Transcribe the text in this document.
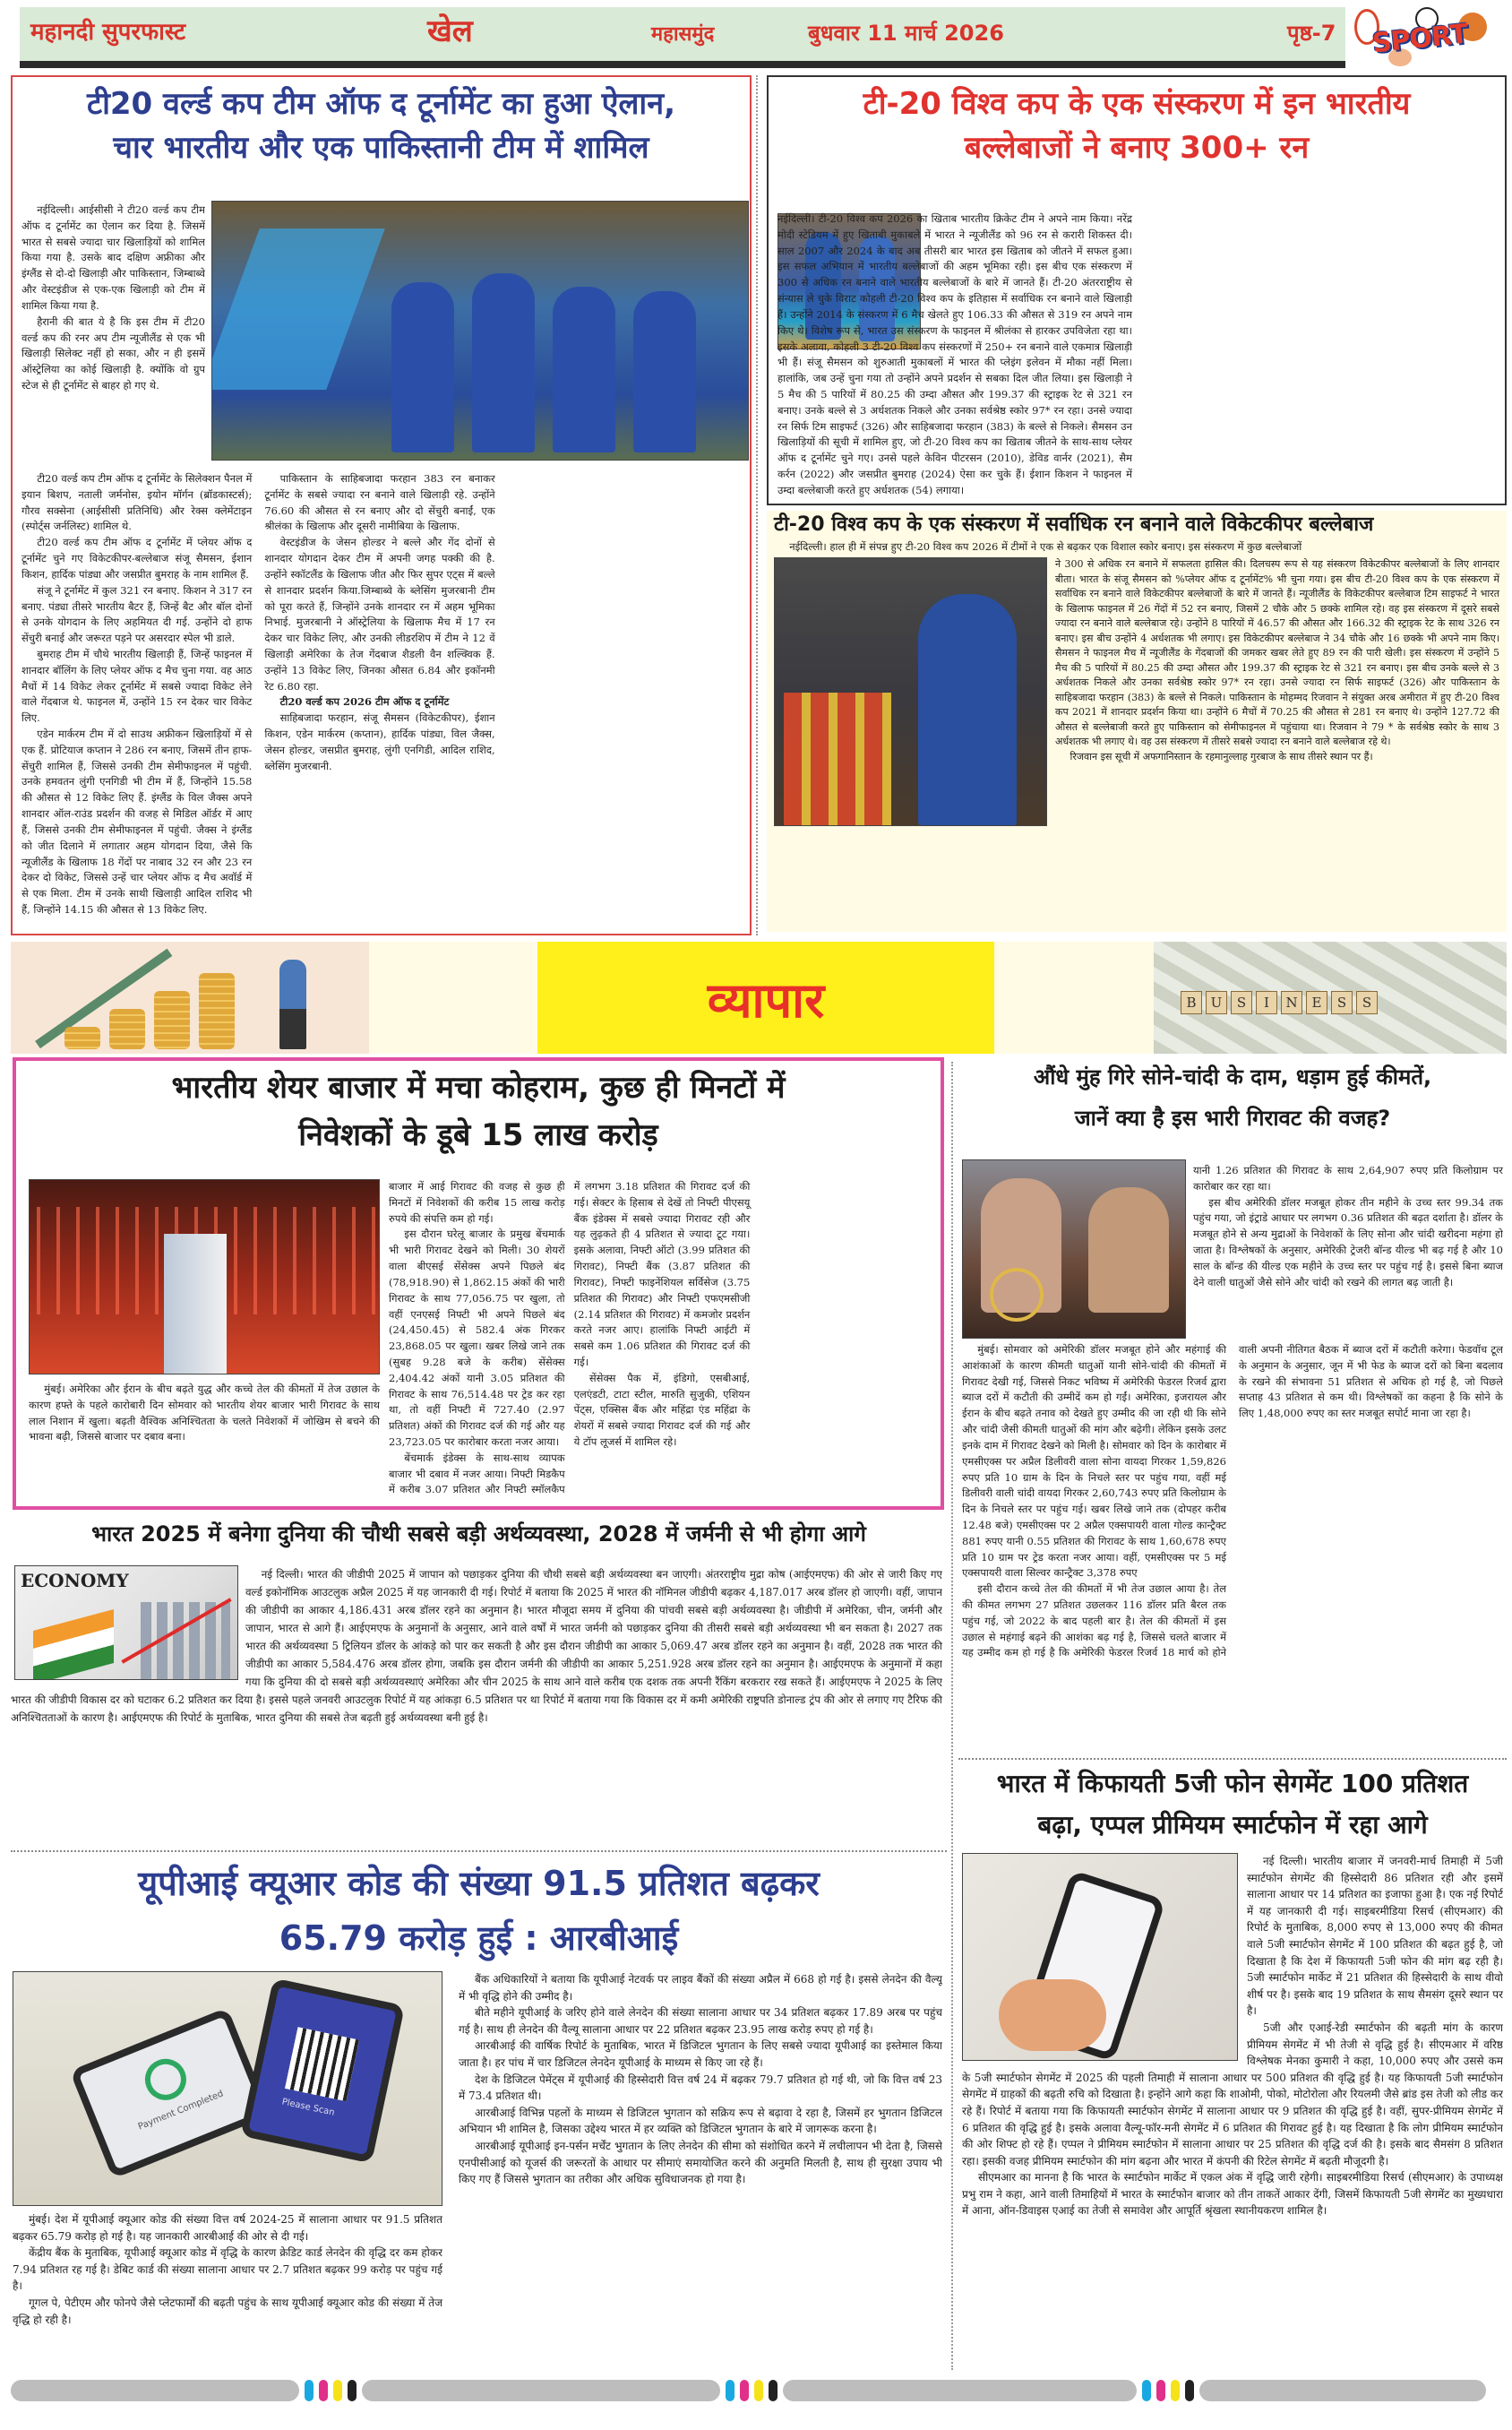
महानदी सुपरफास्ट	खेल	महासमुंद	बुधवार 11 मार्च 2026	पृष्ठ-7 SPORT
टी20 वर्ल्ड कप टीम ऑफ द टूर्नामेंट का हुआ ऐलान,
चार भारतीय और एक पाकिस्तानी टीम में शामिल

नईदिल्ली। आईसीसी ने टी20 वर्ल्ड कप टीम ऑफ द टूर्नामेंट का ऐलान कर दिया है. जिसमें भारत से सबसे ज्यादा चार खिलाड़ियों को शामिल किया गया है. उसके बाद दक्षिण अफ्रीका और इंग्लैंड से दो-दो खिलाड़ी और पाकिस्तान, जिम्बाब्वे और वेस्टइंडीज से एक-एक खिलाड़ी को टीम में शामिल किया गया है.

हैरानी की बात ये है कि इस टीम में टी20 वर्ल्ड कप की रनर अप टीम न्यूजीलैंड से एक भी खिलाड़ी सिलेक्ट नहीं हो सका, और न ही इसमें ऑस्ट्रेलिया का कोई खिलाड़ी है. क्योंकि वो ग्रुप स्टेज से ही टूर्नामेंट से बाहर हो गए थे.

टी20 वर्ल्ड कप टीम ऑफ द टूर्नामेंट के सिलेक्शन पैनल में इयान बिशप, नताली जर्मनोस, इयोन मॉर्गन (ब्रॉडकास्टर्स); गौरव सक्सेना (आईसीसी प्रतिनिधि) और रेक्स क्लेमेंटाइन (स्पोर्ट्स जर्नलिस्ट) शामिल थे.

टी20 वर्ल्ड कप टीम ऑफ द टूर्नामेंट में प्लेयर ऑफ द टूर्नामेंट चुने गए विकेटकीपर-बल्लेबाज संजू सैमसन, ईशान किशन, हार्दिक पांड्या और जसप्रीत बुमराह के नाम शामिल हैं.

संजू ने टूर्नामेंट में कुल 321 रन बनाए. किशन ने 317 रन बनाए. पंड्या तीसरे भारतीय बैटर हैं, जिन्हें बैट और बॉल दोनों से उनके योगदान के लिए अहमियत दी गई. उन्होंने दो हाफ सेंचुरी बनाई और जरूरत पड़ने पर असरदार स्पेल भी डाले.

बुमराह टीम में चौथे भारतीय खिलाड़ी हैं, जिन्हें फाइनल में शानदार बॉलिंग के लिए प्लेयर ऑफ द मैच चुना गया. वह आठ मैचों में 14 विकेट लेकर टूर्नामेंट में सबसे ज्यादा विकेट लेने वाले गेंदबाज थे. फाइनल में, उन्होंने 15 रन देकर चार विकेट लिए.

एडेन मार्करम टीम में दो साउथ अफ्रीकन खिलाड़ियों में से एक हैं. प्रोटियाज कप्तान ने 286 रन बनाए, जिसमें तीन हाफ-सेंचुरी शामिल हैं, जिससे उनकी टीम सेमीफाइनल में पहुंची. उनके हमवतन लुंगी एनगिडी भी टीम में हैं, जिन्होंने 15.58 की औसत से 12 विकेट लिए हैं. इंग्लैंड के विल जैक्स अपने शानदार ऑल-राउंड प्रदर्शन की वजह से मिडिल ऑर्डर में आए हैं, जिससे उनकी टीम सेमीफाइनल में पहुंची. जैक्स ने इंग्लैंड को जीत दिलाने में लगातार अहम योगदान दिया, जैसे कि न्यूजीलैंड के खिलाफ 18 गेंदों पर नाबाद 32 रन और 23 रन देकर दो विकेट, जिससे उन्हें चार प्लेयर ऑफ द मैच अवॉर्ड में से एक मिला. टीम में उनके साथी खिलाड़ी आदिल राशिद भी हैं, जिन्होंने 14.15 की औसत से 13 विकेट लिए.

पाकिस्तान के साहिबजादा फरहान 383 रन बनाकर टूर्नामेंट के सबसे ज्यादा रन बनाने वाले खिलाड़ी रहे. उन्होंने 76.60 की औसत से रन बनाए और दो सेंचुरी बनाईं, एक श्रीलंका के खिलाफ और दूसरी नामीबिया के खिलाफ.

वेस्टइंडीज के जेसन होल्डर ने बल्ले और गेंद दोनों से शानदार योगदान देकर टीम में अपनी जगह पक्की की है. उन्होंने स्कॉटलैंड के खिलाफ जीत और फिर सुपर एट्स में बल्ले से शानदार प्रदर्शन किया.जिम्बाब्वे के ब्लेसिंग मुजरबानी टीम को पूरा करते हैं, जिन्होंने उनके शानदार रन में अहम भूमिका निभाई. मुजरबानी ने ऑस्ट्रेलिया के खिलाफ मैच में 17 रन देकर चार विकेट लिए, और उनकी लीडरशिप में टीम ने 12 वें खिलाड़ी अमेरिका के तेज गेंदबाज शैडली वैन शल्क्विक हैं. उन्होंने 13 विकेट लिए, जिनका औसत 6.84 और इकॉनमी रेट 6.80 रहा.

टी20 वर्ल्ड कप 2026 टीम ऑफ द टूर्नामेंट

साहिबजादा फरहान, संजू सैमसन (विकेटकीपर), ईशान किशन, एडेन मार्करम (कप्तान), हार्दिक पांड्या, विल जैक्स, जेसन होल्डर, जसप्रीत बुमराह, लुंगी एनगिडी, आदिल राशिद, ब्लेसिंग मुजरबानी.

टी-20 विश्व कप के एक संस्करण में इन भारतीय
बल्लेबाजों ने बनाए 300+ रन

नईदिल्ली। टी-20 विश्व कप 2026 का खिताब भारतीय क्रिकेट टीम ने अपने नाम किया। नरेंद्र मोदी स्टेडियम में हुए खिताबी मुकाबले में भारत ने न्यूजीलैंड को 96 रन से करारी शिकस्त दी। साल 2007 और 2024 के बाद अब तीसरी बार भारत इस खिताब को जीतने में सफल हुआ। इस सफल अभियान में भारतीय बल्लेबाजों की अहम भूमिका रही। इस बीच एक संस्करण में 300 से अधिक रन बनाने वाले भारतीय बल्लेबाजों के बारे में जानते हैं। टी-20 अंतरराष्ट्रीय से संन्यास ले चुके विराट कोहली टी-20 विश्व कप के इतिहास में सर्वाधिक रन बनाने वाले खिलाड़ी हैं। उन्होंने 2014 के संस्करण में 6 मैच खेलते हुए 106.33 की औसत से 319 रन अपने नाम किए थे। विशेष रूप से, भारत उस संस्करण के फाइनल में श्रीलंका से हारकर उपविजेता रहा था। इसके अलावा, कोहली 3 टी-20 विश्व कप संस्करणों में 250+ रन बनाने वाले एकमात्र खिलाड़ी भी हैं। संजू सैमसन को शुरुआती मुकाबलों में भारत की प्लेइंग इलेवन में मौका नहीं मिला। हालांकि, जब उन्हें चुना गया तो उन्होंने अपने प्रदर्शन से सबका दिल जीत लिया। इस खिलाड़ी ने 5 मैच की 5 पारियों में 80.25 की उम्दा औसत और 199.37 की स्ट्राइक रेट से 321 रन बनाए। उनके बल्ले से 3 अर्धशतक निकले और उनका सर्वश्रेष्ठ स्कोर 97* रन रहा। उनसे ज्यादा रन सिर्फ टिम साइफर्ट (326) और साहिबजादा फरहान (383) के बल्ले से निकले। सैमसन उन खिलाड़ियों की सूची में शामिल हुए, जो टी-20 विश्व कप का खिताब जीतने के साथ-साथ प्लेयर ऑफ द टूर्नामेंट चुने गए। उनसे पहले केविन पीटरसन (2010), डेविड वार्नर (2021), सैम कर्रन (2022) और जसप्रीत बुमराह (2024) ऐसा कर चुके हैं। ईशान किशन ने फाइनल में उम्दा बल्लेबाजी करते हुए अर्धशतक (54) लगाया।

टी-20 विश्व कप के एक संस्करण में सर्वाधिक रन बनाने वाले विकेटकीपर बल्लेबाज
नईदिल्ली। हाल ही में संपन्न हुए टी-20 विश्व कप 2026 में टीमों ने एक से बढ़कर एक विशाल स्कोर बनाए। इस संस्करण में कुछ बल्लेबाजों

ने 300 से अधिक रन बनाने में सफलता हासिल की। दिलचस्प रूप से यह संस्करण विकेटकीपर बल्लेबाजों के लिए शानदार बीता। भारत के संजू सैमसन को %प्लेयर ऑफ द टूर्नामेंट% भी चुना गया। इस बीच टी-20 विश्व कप के एक संस्करण में सर्वाधिक रन बनाने वाले विकेटकीपर बल्लेबाजों के बारे में जानते हैं। न्यूजीलैंड के विकेटकीपर बल्लेबाज टिम साइफर्ट ने भारत के खिलाफ फाइनल में 26 गेंदों में 52 रन बनाए, जिसमें 2 चौके और 5 छक्के शामिल रहे। वह इस संस्करण में दूसरे सबसे ज्यादा रन बनाने वाले बल्लेबाज रहे। उन्होंने 8 पारियों में 46.57 की औसत और 166.32 की स्ट्राइक रेट के साथ 326 रन बनाए। इस बीच उन्होंने 4 अर्धशतक भी लगाए। इस विकेटकीपर बल्लेबाज ने 34 चौके और 16 छक्के भी अपने नाम किए। सैमसन ने फाइनल मैच में न्यूजीलैंड के गेंदबाजों की जमकर खबर लेते हुए 89 रन की पारी खेली। इस संस्करण में उन्होंने 5 मैच की 5 पारियों में 80.25 की उम्दा औसत और 199.37 की स्ट्राइक रेट से 321 रन बनाए। इस बीच उनके बल्ले से 3 अर्धशतक निकले और उनका सर्वश्रेष्ठ स्कोर 97* रन रहा। उनसे ज्यादा रन सिर्फ साइफर्ट (326) और पाकिस्तान के साहिबजादा फरहान (383) के बल्ले से निकले। पाकिस्तान के मोहम्मद रिजवान ने संयुक्त अरब अमीरात में हुए टी-20 विश्व कप 2021 में शानदार प्रदर्शन किया था। उन्होंने 6 मैचों में 70.25 की औसत से 281 रन बनाए थे। उन्होंने 127.72 की औसत से बल्लेबाजी करते हुए पाकिस्तान को सेमीफाइनल में पहुंचाया था। रिजवान ने 79 * के सर्वश्रेष्ठ स्कोर के साथ 3 अर्धशतक भी लगाए थे। वह उस संस्करण में तीसरे सबसे ज्यादा रन बनाने वाले बल्लेबाज रहे थे।

रिजवान इस सूची में अफगानिस्तान के रहमानुल्लाह गुरबाज के साथ तीसरे स्थान पर हैं।

व्यापार	B	U	S	I	N	E	S	S
भारतीय शेयर बाजार में मचा कोहराम, कुछ ही मिनटों में
निवेशकों के डूबे 15 लाख करोड़
मुंबई। अमेरिका और ईरान के बीच बढ़ते युद्ध और कच्चे तेल की कीमतों में तेज उछाल के कारण हफ्ते के पहले कारोबारी दिन सोमवार को भारतीय शेयर बाजार भारी गिरावट के साथ लाल निशान में खुला। बढ़ती वैश्विक अनिश्चितता के चलते निवेशकों में जोखिम से बचने की भावना बढ़ी, जिससे बाजार पर दबाव बना।

बाजार में आई गिरावट की वजह से कुछ ही मिनटों में निवेशकों की करीब 15 लाख करोड़ रुपये की संपत्ति कम हो गई।

इस दौरान घरेलू बाजार के प्रमुख बेंचमार्क भी भारी गिरावट देखने को मिली। 30 शेयरों वाला बीएसई सेंसेक्स अपने पिछले बंद (78,918.90) से 1,862.15 अंकों की भारी गिरावट के साथ 77,056.75 पर खुला, तो वहीं एनएसई निफ्टी भी अपने पिछले बंद (24,450.45) से 582.4 अंक गिरकर 23,868.05 पर खुला। खबर लिखे जाने तक (सुबह 9.28 बजे के करीब) सेंसेक्स 2,404.42 अंकों यानी 3.05 प्रतिशत की गिरावट के साथ 76,514.48 पर ट्रेड कर रहा था, तो वहीं निफ्टी में 727.40 (2.97 प्रतिशत) अंकों की गिरावट दर्ज की गई और यह 23,723.05 पर कारोबार करता नजर आया।

बेंचमार्क इंडेक्स के साथ-साथ व्यापक बाजार भी दबाव में नजर आया। निफ्टी मिडकैप में करीब 3.07 प्रतिशत और निफ्टी स्मॉलकैप में लगभग 3.18 प्रतिशत की गिरावट दर्ज की गई। सेक्टर के हिसाब से देखें तो निफ्टी पीएसयू बैंक इंडेक्स में सबसे ज्यादा गिरावट रही और यह लुढ़कते ही 4 प्रतिशत से ज्यादा टूट गया। इसके अलावा, निफ्टी ऑटो (3.99 प्रतिशत की गिरावट), निफ्टी बैंक (3.87 प्रतिशत की गिरावट), निफ्टी फाइनेंशियल सर्विसेज (3.75 प्रतिशत की गिरावट) और निफ्टी एफएमसीजी (2.14 प्रतिशत की गिरावट) में कमजोर प्रदर्शन करते नजर आए। हालांकि निफ्टी आईटी में सबसे कम 1.06 प्रतिशत की गिरावट दर्ज की गई।

सेंसेक्स पैक में, इंडिगो, एसबीआई, एलएंडटी, टाटा स्टील, मारुति सुजुकी, एशियन पेंट्स, एक्सिस बैंक और महिंद्रा एंड महिंद्रा के शेयरों में सबसे ज्यादा गिरावट दर्ज की गई और ये टॉप लूजर्स में शामिल रहे।

भारत 2025 में बनेगा दुनिया की चौथी सबसे बड़ी अर्थव्यवस्था, 2028 में जर्मनी से भी होगा आगे
ECONOMY	नई दिल्ली। भारत की जीडीपी 2025 में जापान को पछाड़कर दुनिया की चौथी सबसे बड़ी अर्थव्यवस्था बन जाएगी। अंतरराष्ट्रीय मुद्रा कोष (आईएमएफ) की ओर से जारी किए गए वर्ल्ड इकोनॉमिक आउटलुक अप्रैल 2025 में यह जानकारी दी गई। रिपोर्ट में बताया कि 2025 में भारत की नॉमिनल जीडीपी बढ़कर 4,187.017 अरब डॉलर हो जाएगी। वहीं, जापान की जीडीपी का आकार 4,186.431 अरब डॉलर रहने का अनुमान है। भारत मौजूदा समय में दुनिया की पांचवी सबसे बड़ी अर्थव्यवस्था है। जीडीपी में अमेरिका, चीन, जर्मनी और जापान, भारत से आगे हैं। आईएमएफ के अनुमानों के अनुसार, आने वाले वर्षों में भारत जर्मनी को पछाड़कर दुनिया की तीसरी सबसे बड़ी अर्थव्यवस्था भी बन सकता है। 2027 तक भारत की अर्थव्यवस्था 5 ट्रिलियन डॉलर के आंकड़े को पार कर सकती है और इस दौरान जीडीपी का आकार 5,069.47 अरब डॉलर रहने का अनुमान है। वहीं, 2028 तक भारत की जीडीपी का आकार 5,584.476 अरब डॉलर होगा, जबकि इस दौरान जर्मनी की जीडीपी का आकार 5,251.928 अरब डॉलर रहने का अनुमान है। आईएमएफ के अनुमानों में कहा गया कि दुनिया की दो सबसे बड़ी अर्थव्यवस्थाएं अमेरिका और चीन 2025 के साथ आने वाले करीब एक दशक तक अपनी रैंकिंग बरकरार रख सकते हैं। आईएमएफ ने 2025 के लिए भारत की जीडीपी विकास दर को घटाकर 6.2 प्रतिशत कर दिया है। इससे पहले जनवरी आउटलुक रिपोर्ट में यह आंकड़ा 6.5 प्रतिशत पर था रिपोर्ट में बताया गया कि विकास दर में कमी अमेरिकी राष्ट्रपति डोनाल्ड ट्रंप की ओर से लगाए गए टैरिफ की अनिश्चितताओं के कारण है। आईएमएफ की रिपोर्ट के मुताबिक, भारत दुनिया की सबसे तेज बढ़ती हुई अर्थव्यवस्था बनी हुई है।

यूपीआई क्यूआर कोड की संख्या 91.5 प्रतिशत बढ़कर
65.79 करोड़ हुई : आरबीआई
Payment Completed	Please Scan

मुंबई। देश में यूपीआई क्यूआर कोड की संख्या वित्त वर्ष 2024-25 में सालाना आधार पर 91.5 प्रतिशत बढ़कर 65.79 करोड़ हो गई है। यह जानकारी आरबीआई की ओर से दी गई।

केंद्रीय बैंक के मुताबिक, यूपीआई क्यूआर कोड में वृद्धि के कारण क्रेडिट कार्ड लेनदेन की वृद्धि दर कम होकर 7.94 प्रतिशत रह गई है। डेबिट कार्ड की संख्या सालाना आधार पर 2.7 प्रतिशत बढ़कर 99 करोड़ पर पहुंच गई है।

गूगल पे, पेटीएम और फोनपे जैसे प्लेटफार्मों की बढ़ती पहुंच के साथ यूपीआई क्यूआर कोड की संख्या में तेज वृद्धि हो रही है।

बैंक अधिकारियों ने बताया कि यूपीआई नेटवर्क पर लाइव बैंकों की संख्या अप्रैल में 668 हो गई है। इससे लेनदेन की वैल्यू में भी वृद्धि होने की उम्मीद है।

बीते महीने यूपीआई के जरिए होने वाले लेनदेन की संख्या सालाना आधार पर 34 प्रतिशत बढ़कर 17.89 अरब पर पहुंच गई है। साथ ही लेनदेन की वैल्यू सालाना आधार पर 22 प्रतिशत बढ़कर 23.95 लाख करोड़ रुपए हो गई है।

आरबीआई की वार्षिक रिपोर्ट के मुताबिक, भारत में डिजिटल भुगतान के लिए सबसे ज्यादा यूपीआई का इस्तेमाल किया जाता है। हर पांच में चार डिजिटल लेनदेन यूपीआई के माध्यम से किए जा रहे हैं।

देश के डिजिटल पेमेंट्स में यूपीआई की हिस्सेदारी वित्त वर्ष 24 में बढ़कर 79.7 प्रतिशत हो गई थी, जो कि वित्त वर्ष 23 में 73.4 प्रतिशत थी।

आरबीआई विभिन्न पहलों के माध्यम से डिजिटल भुगतान को सक्रिय रूप से बढ़ावा दे रहा है, जिसमें हर भुगतान डिजिटल अभियान भी शामिल है, जिसका उद्देश्य भारत में हर व्यक्ति को डिजिटल भुगतान के बारे में जागरूक करना है।

आरबीआई यूपीआई इन-पर्सन मर्चेंट भुगतान के लिए लेनदेन की सीमा को संशोधित करने में लचीलापन भी देता है, जिससे एनपीसीआई को यूजर्स की जरूरतों के आधार पर सीमाएं समायोजित करने की अनुमति मिलती है, साथ ही सुरक्षा उपाय भी किए गए हैं जिससे भुगतान का तरीका और अधिक सुविधाजनक हो गया है।

औंधे मुंह गिरे सोने-चांदी के दाम, धड़ाम हुई कीमतें,
जानें क्या है इस भारी गिरावट की वजह?

यानी 1.26 प्रतिशत की गिरावट के साथ 2,64,907 रुपए प्रति किलोग्राम पर कारोबार कर रहा था।

इस बीच अमेरिकी डॉलर मजबूत होकर तीन महीने के उच्च स्तर 99.34 तक पहुंच गया, जो इंट्राडे आधार पर लगभग 0.36 प्रतिशत की बढ़त दर्शाता है। डॉलर के मजबूत होने से अन्य मुद्राओं के निवेशकों के लिए सोना और चांदी खरीदना महंगा हो जाता है। विश्लेषकों के अनुसार, अमेरिकी ट्रेजरी बॉन्ड यील्ड भी बढ़ गई है और 10 साल के बॉन्ड की यील्ड एक महीने के उच्च स्तर पर पहुंच गई है। इससे बिना ब्याज देने वाली धातुओं जैसे सोने और चांदी को रखने की लागत बढ़ जाती है।

मुंबई। सोमवार को अमेरिकी डॉलर मजबूत होने और महंगाई की आशंकाओं के कारण कीमती धातुओं यानी सोने-चांदी की कीमतों में गिरावट देखी गई, जिससे निकट भविष्य में अमेरिकी फेडरल रिजर्व द्वारा ब्याज दरों में कटौती की उम्मीदें कम हो गईं। अमेरिका, इजरायल और ईरान के बीच बढ़ते तनाव को देखते हुए उम्मीद की जा रही थी कि सोने और चांदी जैसी कीमती धातुओं की मांग और बढ़ेगी। लेकिन इसके उलट इनके दाम में गिरावट देखने को मिली है। सोमवार को दिन के कारोबार में एमसीएक्स पर अप्रैल डिलीवरी वाला सोना वायदा गिरकर 1,59,826 रुपए प्रति 10 ग्राम के दिन के निचले स्तर पर पहुंच गया, वहीं मई डिलीवरी वाली चांदी वायदा गिरकर 2,60,743 रुपए प्रति किलोग्राम के दिन के निचले स्तर पर पहुंच गई। खबर लिखे जाने तक (दोपहर करीब 12.48 बजे) एमसीएक्स पर 2 अप्रैल एक्सपायरी वाला गोल्ड कान्ट्रैक्ट 881 रुपए यानी 0.55 प्रतिशत की गिरावट के साथ 1,60,678 रुपए प्रति 10 ग्राम पर ट्रेड करता नजर आया। वहीं, एमसीएक्स पर 5 मई एक्सपायरी वाला सिल्वर कान्ट्रैक्ट 3,378 रुपए

इसी दौरान कच्चे तेल की कीमतों में भी तेज उछाल आया है। तेल की कीमत लगभग 27 प्रतिशत उछलकर 116 डॉलर प्रति बैरल तक पहुंच गई, जो 2022 के बाद पहली बार है। तेल की कीमतों में इस उछाल से महंगाई बढ़ने की आशंका बढ़ गई है, जिससे चलते बाजार में यह उम्मीद कम हो गई है कि अमेरिकी फेडरल रिजर्व 18 मार्च को होने वाली अपनी नीतिगत बैठक में ब्याज दरों में कटौती करेगा। फेडवॉच टूल के अनुमान के अनुसार, जून में भी फेड के ब्याज दरों को बिना बदलाव के रखने की संभावना 51 प्रतिशत से अधिक हो गई है, जो पिछले सप्ताह 43 प्रतिशत से कम थी। विश्लेषकों का कहना है कि सोने के लिए 1,48,000 रुपए का स्तर मजबूत सपोर्ट माना जा रहा है।

भारत में किफायती 5जी फोन सेगमेंट 100 प्रतिशत
बढ़ा, एप्पल प्रीमियम स्मार्टफोन में रहा आगे

नई दिल्ली। भारतीय बाजार में जनवरी-मार्च तिमाही में 5जी स्मार्टफोन सेगमेंट की हिस्सेदारी 86 प्रतिशत रही और इसमें सालाना आधार पर 14 प्रतिशत का इजाफा हुआ है। एक नई रिपोर्ट में यह जानकारी दी गई। साइबरमीडिया रिसर्च (सीएमआर) की रिपोर्ट के मुताबिक, 8,000 रुपए से 13,000 रुपए की कीमत वाले 5जी स्मार्टफोन सेगमेंट में 100 प्रतिशत की बढ़त हुई है, जो दिखाता है कि देश में किफायती 5जी फोन की मांग बढ़ रही है। 5जी स्मार्टफोन मार्केट में 21 प्रतिशत की हिस्सेदारी के साथ वीवो शीर्ष पर है। इसके बाद 19 प्रतिशत के साथ सैमसंग दूसरे स्थान पर है।

5जी और एआई-रेडी स्मार्टफोन की बढ़ती मांग के कारण प्रीमियम सेगमेंट में भी तेजी से वृद्धि हुई है। सीएमआर में वरिष्ठ विश्लेषक मेनका कुमारी ने कहा, 10,000 रुपए और उससे कम के 5जी स्मार्टफोन सेगमेंट में 2025 की पहली तिमाही में सालाना आधार पर 500 प्रतिशत की वृद्धि हुई है। यह किफायती 5जी स्मार्टफोन सेगमेंट में ग्राहकों की बढ़ती रुचि को दिखाता है। इन्होंने आगे कहा कि शाओमी, पोको, मोटोरोला और रियलमी जैसे ब्रांड इस तेजी को लीड कर रहे हैं। रिपोर्ट में बताया गया कि किफायती स्मार्टफोन सेगमेंट में सालाना आधार पर 9 प्रतिशत की वृद्धि हुई है। वहीं, सुपर-प्रीमियम सेगमेंट में 6 प्रतिशत की वृद्धि हुई है। इसके अलावा वैल्यू-फॉर-मनी सेगमेंट में 6 प्रतिशत की गिरावट हुई है। यह दिखाता है कि लोग प्रीमियम स्मार्टफोन की ओर शिफ्ट हो रहे हैं। एप्पल ने प्रीमियम स्मार्टफोन में सालाना आधार पर 25 प्रतिशत की वृद्धि दर्ज की है। इसके बाद सैमसंग 8 प्रतिशत रहा। इसकी वजह प्रीमियम स्मार्टफोन की मांग बढ़ना और भारत में कंपनी की रिटेल सेगमेंट में बढ़ती मौजूदगी है।

सीएमआर का मानना है कि भारत के स्मार्टफोन मार्केट में एकल अंक में वृद्धि जारी रहेगी। साइबरमीडिया रिसर्च (सीएमआर) के उपाध्यक्ष प्रभु राम ने कहा, आने वाली तिमाहियों में भारत के स्मार्टफोन बाजार को तीन ताकतें आकार देंगी, जिसमें किफायती 5जी सेगमेंट का मुख्यधारा में आना, ऑन-डिवाइस एआई का तेजी से समावेश और आपूर्ति श्रृंखला स्थानीयकरण शामिल है।
